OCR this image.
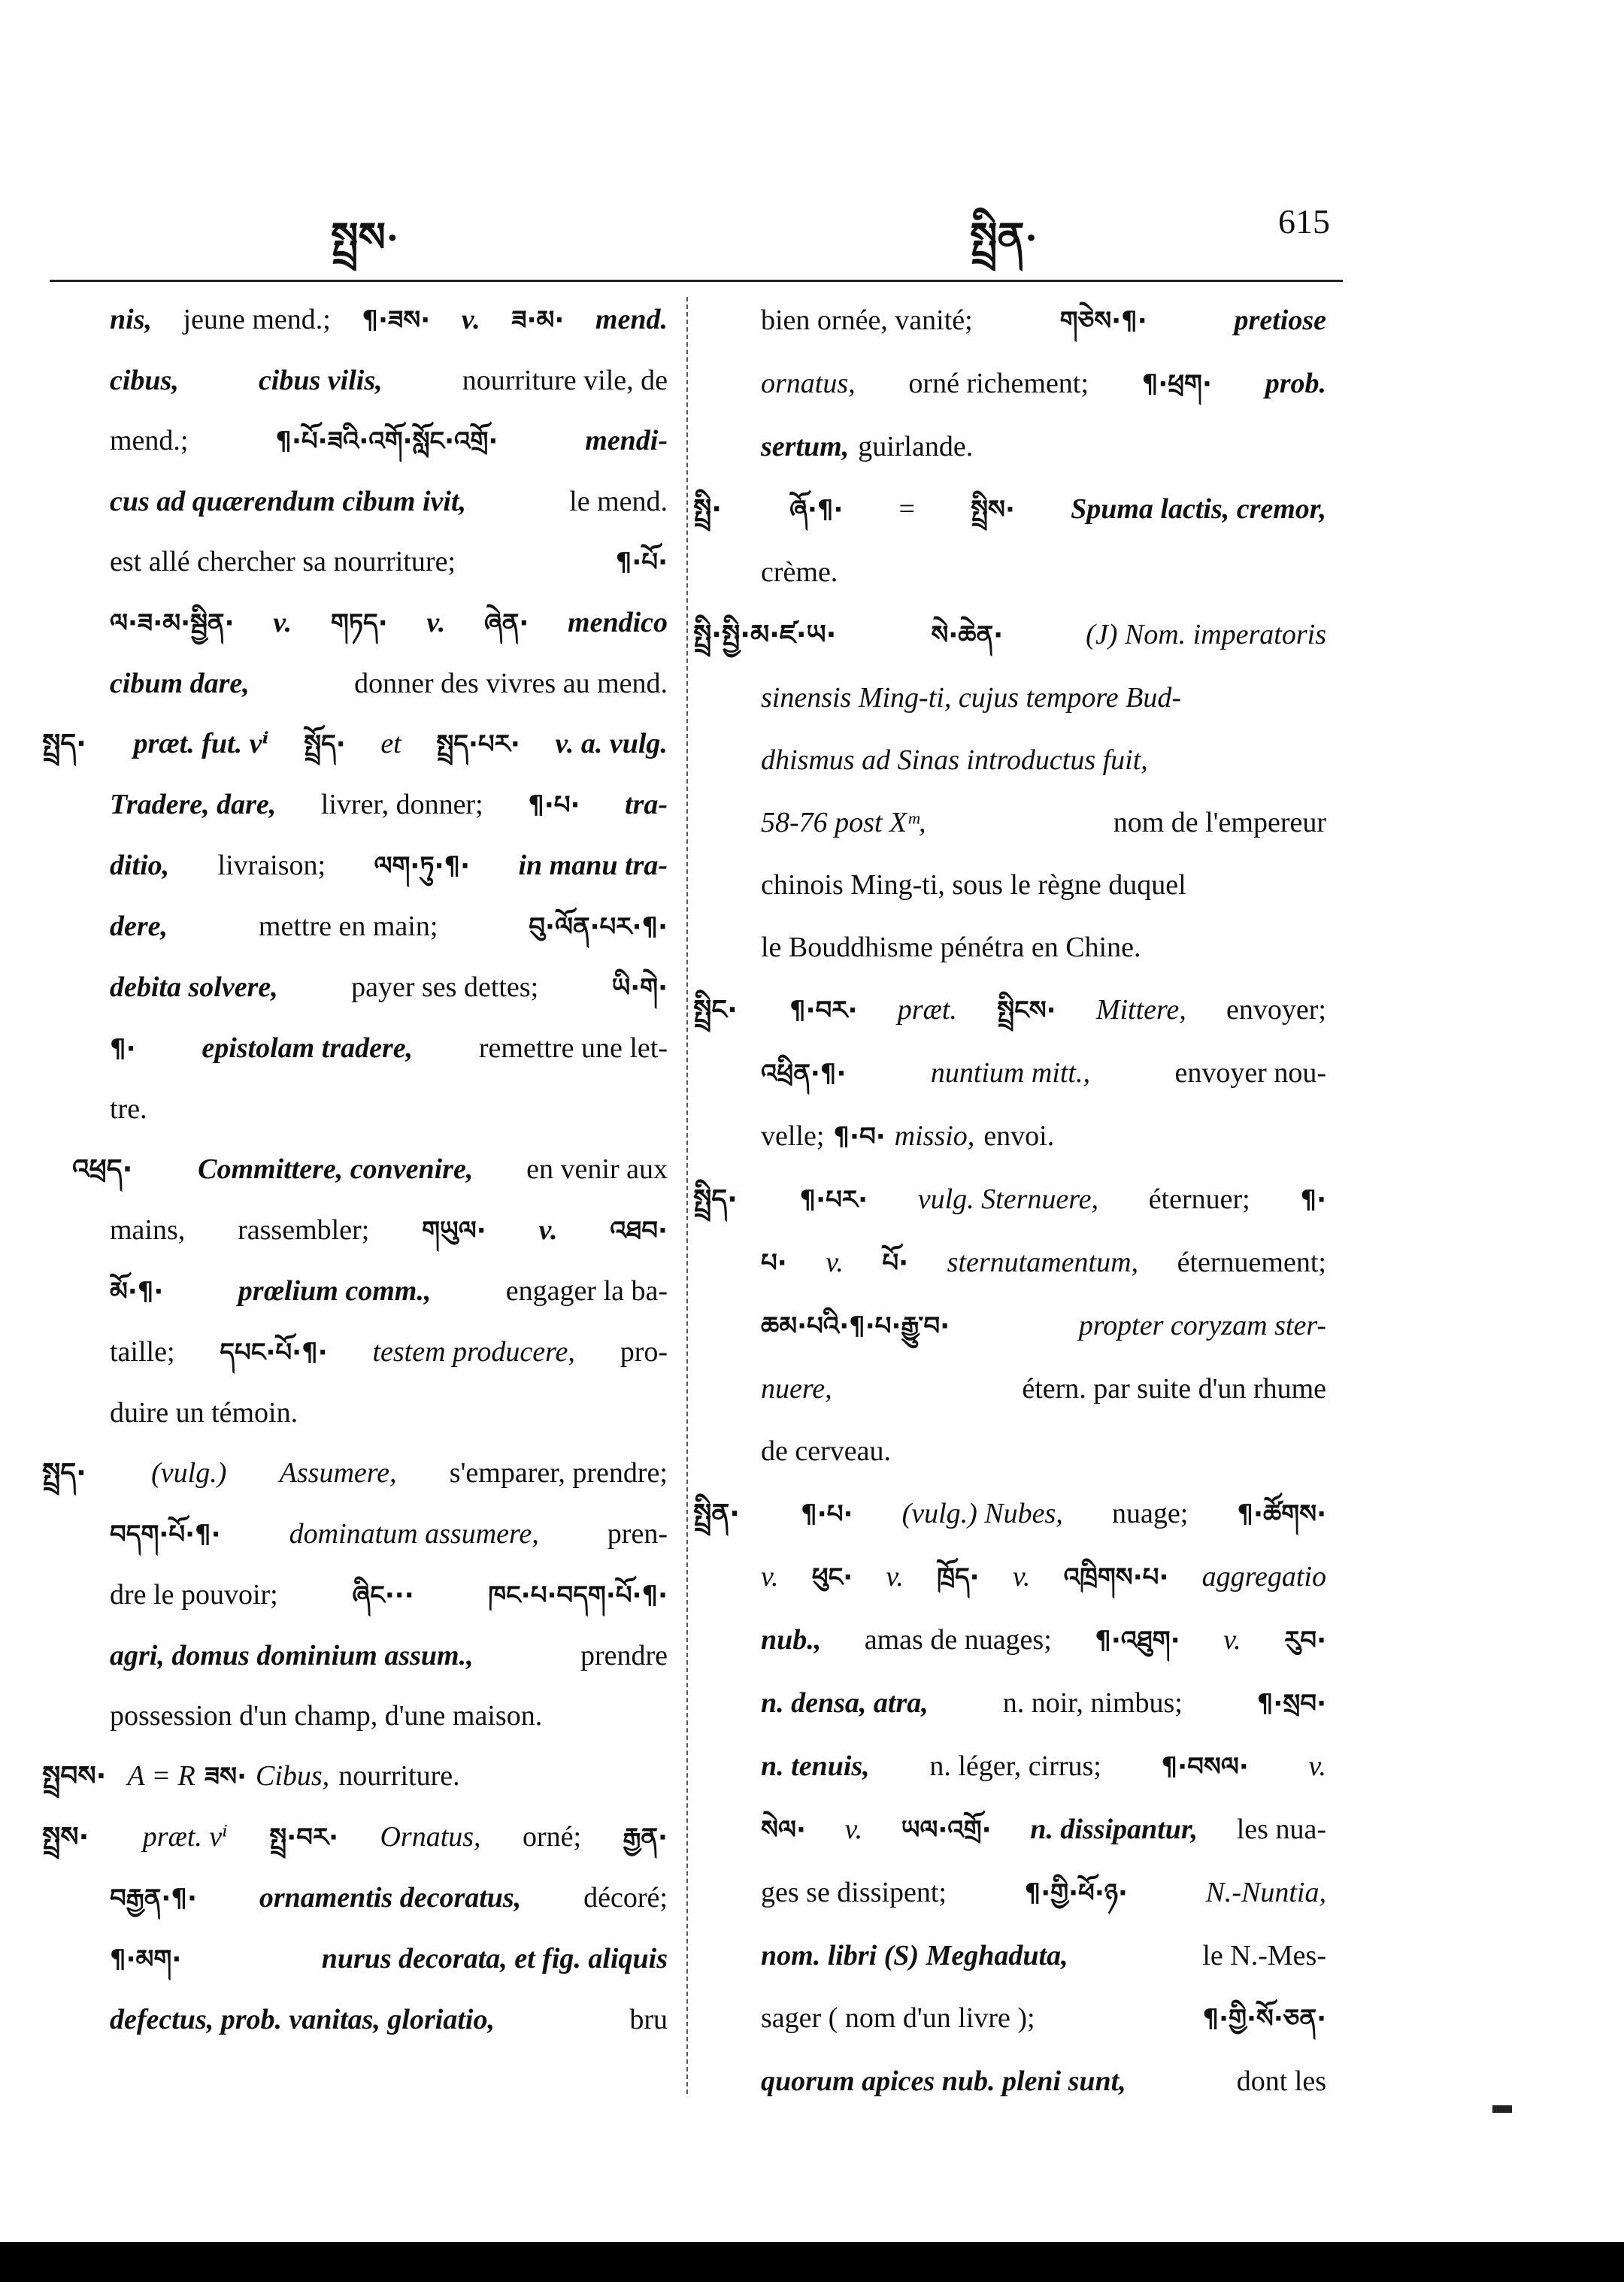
སྤྲས·	སྤྲིན·	615
nis, jeune mend.; ¶·ཟས· v. ཟ·མ· mend.
cibus,	cibus vilis,	nourriture vile, de
mend.;	¶·པོ·ཟའི·འགོ·སློང·འགྲོ·	mendi-
cus ad quærendum cibum ivit,	le mend.
est allé chercher sa nourriture;	¶·པོ·
ལ·ཟ·མ·སྦྱིན· v. གཏད· v. ཞེན· mendico
cibum dare,	donner des vivres au mend.
སྤྲད· præt. fut. vⁱ སྤྲོད· et སྤྲད·པར· v. a. vulg.
Tradere, dare, livrer, donner; ¶·པ· tra-
ditio, livraison; ལག·ཏུ·¶· in manu tra-
dere,	mettre en main;	བུ·ལོན·པར·¶·
debita solvere,	payer ses dettes;	ཡི·གེ·
¶· epistolam tradere, remettre une let-
tre.
འཕྲད· Committere, convenire, en venir aux
mains, rassembler; གཡུལ· v. འཐབ·
མོ·¶·	prœlium comm.,	engager la ba-
taille; དཔང·པོ·¶· testem producere, pro-
duire un témoin.
སྤྲད· (vulg.) Assumere, s'emparer, prendre;
བདག·པོ·¶· dominatum assumere, pren-
dre le pouvoir;	ཞིང···	ཁང·པ·བདག·པོ·¶·
agri, domus dominium assum.,	prendre
possession d'un champ, d'une maison.
སྤྲབས· A = R ཟས· Cibus, nourriture.
སྤྲས· præt. vⁱ སྤྲ·བར· Ornatus, orné; རྒྱན·
བརྒྱན·¶· ornamentis decoratus, décoré;
¶·མག·	nurus decorata, et fig. aliquis
defectus, prob. vanitas, gloriatio,	bru
bien ornée, vanité;	གཅེས·¶·	pretiose
ornatus, orné richement; ¶·ཕྲག· prob.
sertum, guirlande.
སྤྲི·	ཞོ·¶· = སྤྲིས· Spuma lactis, cremor,
crème.
སྤྲི·སྤྱི·མ·ཛ·ཡ·	སེ·ཆེན·	(J) Nom. imperatoris
sinensis Ming-ti, cujus tempore Bud-
dhismus ad Sinas introductus fuit,
58-76 post Xᵐ,	nom de l'empereur
chinois Ming-ti, sous le règne duquel
le Bouddhisme pénétra en Chine.
སྤྲིང· ¶·བར· præt. སྤྲིངས· Mittere, envoyer;
འཕྲིན·¶·	nuntium mitt.,	envoyer nou-
velle; ¶·བ· missio, envoi.
སྤྲིད· ¶·པར· vulg. Sternuere, éternuer; ¶·
པ· v. པོ· sternutamentum, éternuement;
ཆམ·པའི·¶·པ·རྒྱུ་བ·	propter coryzam ster-
nuere,	étern. par suite d'un rhume
de cerveau.
སྤྲིན· ¶·པ· (vulg.) Nubes, nuage; ¶·ཚོགས·
v. ཕུང· v. ཁྲོད· v. འཁྲིགས·པ· aggregatio
nub., amas de nuages; ¶·འཐུག· v. རུབ·
n. densa, atra,	n. noir, nimbus;	¶·སྲབ·
n. tenuis, n. léger, cirrus; ¶·བསལ· v.
སེལ· v. ཡལ·འགྲོ· n. dissipantur, les nua-
ges se dissipent;	¶·གྱི·ཕོ·ཉ·	N.-Nuntia,
nom. libri (S) Meghaduta,	le N.-Mes-
sager ( nom d'un livre );	¶·གྱི·སོ·ཅན·
quorum apices nub. pleni sunt,	dont les
